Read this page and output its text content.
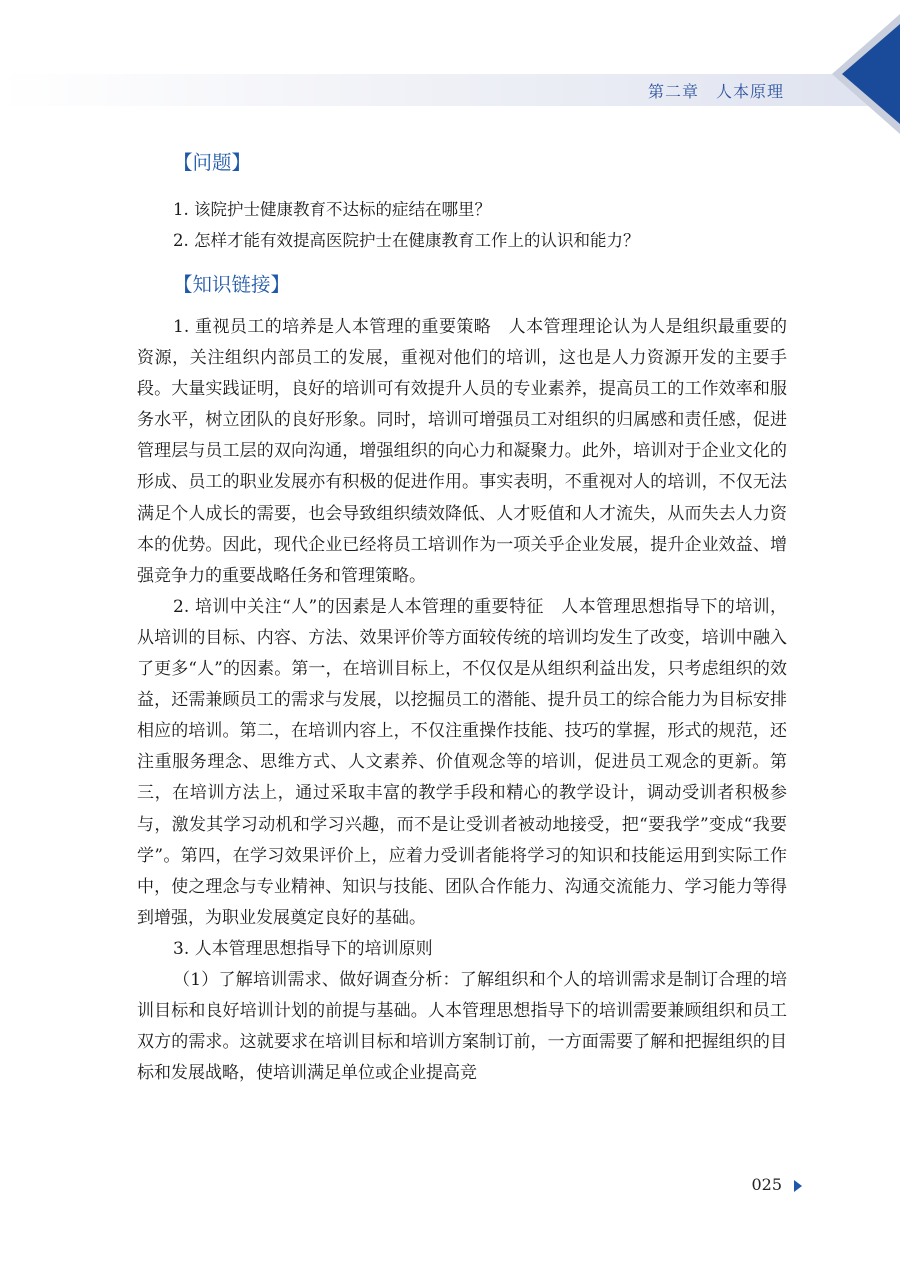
第二章　人本原理
【问题】
1. 该院护士健康教育不达标的症结在哪里？
2. 怎样才能有效提高医院护士在健康教育工作上的认识和能力？
【知识链接】

1. 重视员工的培养是人本管理的重要策略　人本管理理论认为人是组织最重要的资源，关注组织内部员工的发展，重视对他们的培训，这也是人力资源开发的主要手段。大量实践证明，良好的培训可有效提升人员的专业素养，提高员工的工作效率和服务水平，树立团队的良好形象。同时，培训可增强员工对组织的归属感和责任感，促进管理层与员工层的双向沟通，增强组织的向心力和凝聚力。此外，培训对于企业文化的形成、员工的职业发展亦有积极的促进作用。事实表明，不重视对人的培训，不仅无法满足个人成长的需要，也会导致组织绩效降低、人才贬值和人才流失，从而失去人力资本的优势。因此，现代企业已经将员工培训作为一项关乎企业发展，提升企业效益、增强竞争力的重要战略任务和管理策略。

2. 培训中关注“人”的因素是人本管理的重要特征　人本管理思想指导下的培训，从培训的目标、内容、方法、效果评价等方面较传统的培训均发生了改变，培训中融入了更多“人”的因素。第一，在培训目标上，不仅仅是从组织利益出发，只考虑组织的效益，还需兼顾员工的需求与发展，以挖掘员工的潜能、提升员工的综合能力为目标安排相应的培训。第二，在培训内容上，不仅注重操作技能、技巧的掌握，形式的规范，还注重服务理念、思维方式、人文素养、价值观念等的培训，促进员工观念的更新。第三，在培训方法上，通过采取丰富的教学手段和精心的教学设计，调动受训者积极参与，激发其学习动机和学习兴趣，而不是让受训者被动地接受，把“要我学”变成“我要学”。第四，在学习效果评价上，应着力受训者能将学习的知识和技能运用到实际工作中，使之理念与专业精神、知识与技能、团队合作能力、沟通交流能力、学习能力等得到增强，为职业发展奠定良好的基础。

3. 人本管理思想指导下的培训原则

（1）了解培训需求、做好调查分析：了解组织和个人的培训需求是制订合理的培训目标和良好培训计划的前提与基础。人本管理思想指导下的培训需要兼顾组织和员工双方的需求。这就要求在培训目标和培训方案制订前，一方面需要了解和把握组织的目标和发展战略，使培训满足单位或企业提高竞

025
